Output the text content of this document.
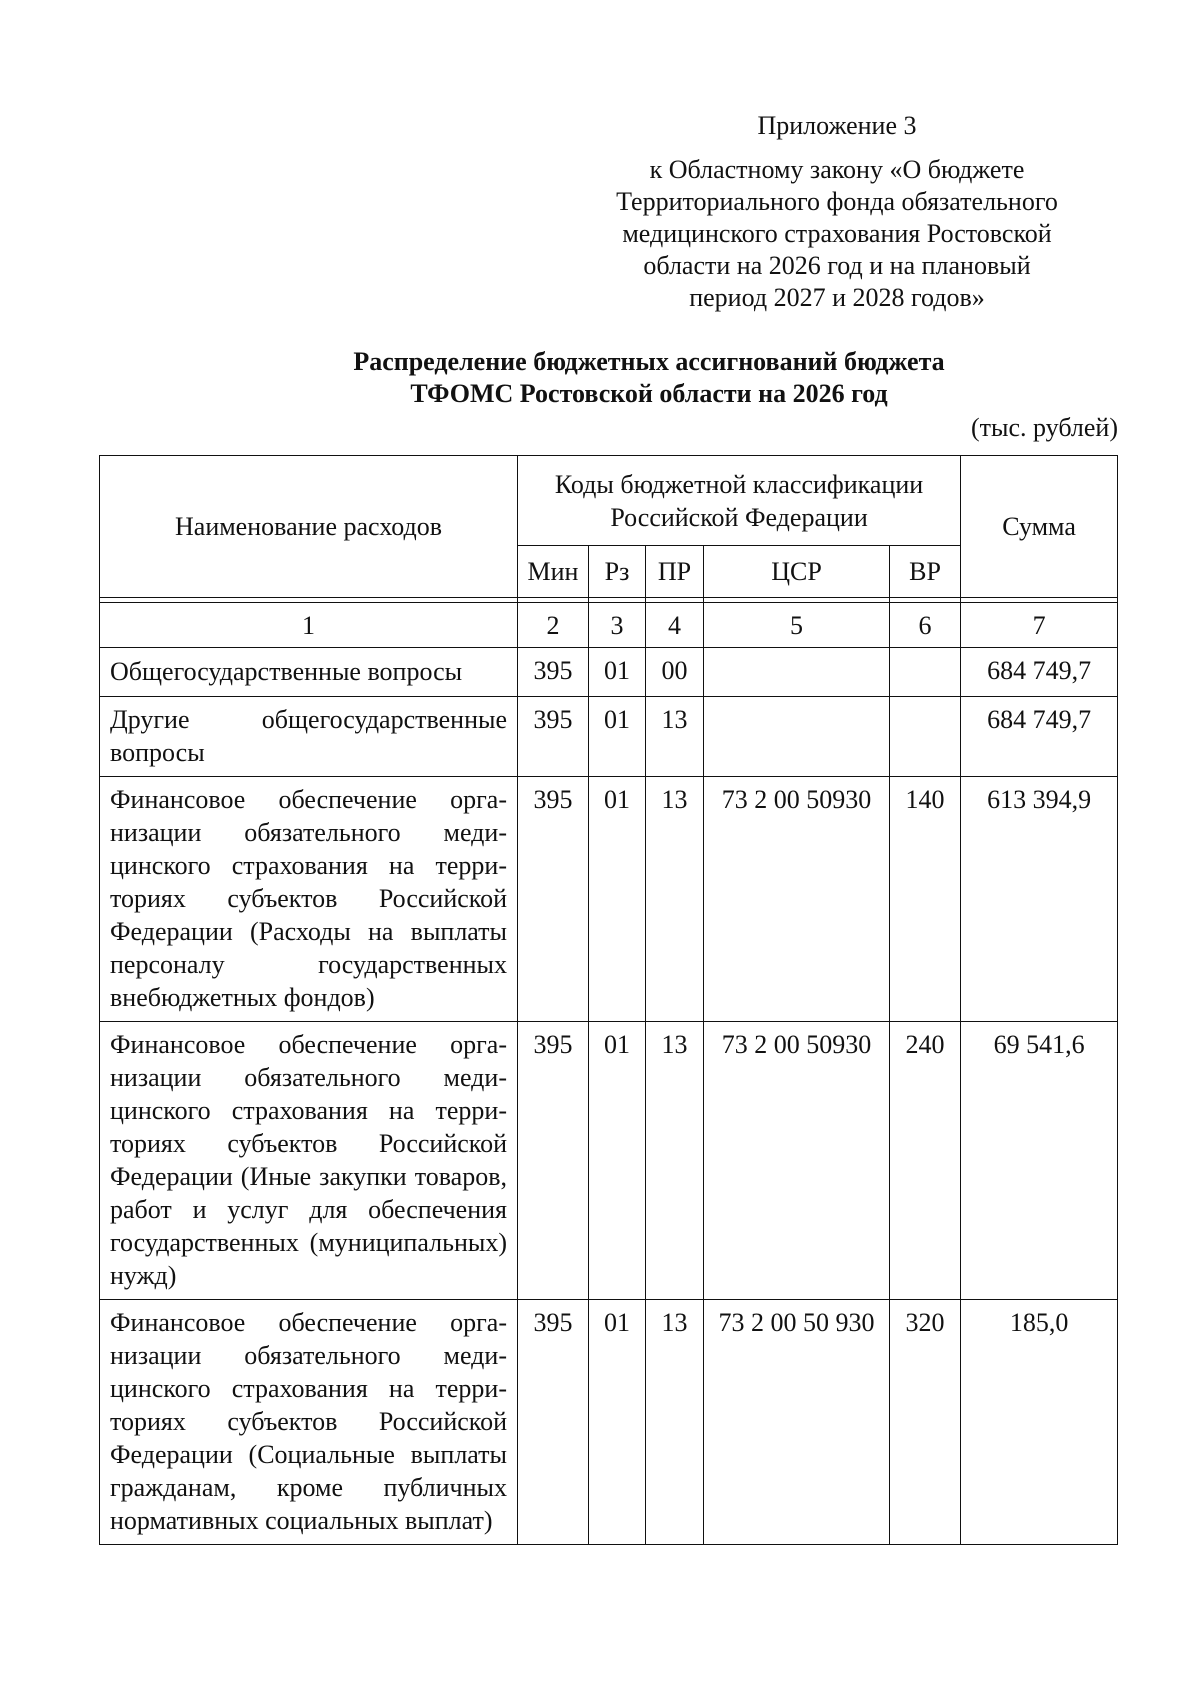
Приложение 3
к Областному закону «О бюджете
Территориального фонда обязательного
медицинского страхования Ростовской
области на 2026 год и на плановый
период 2027 и 2028 годов»
Распределение бюджетных ассигнований бюджета
ТФОМС Ростовской области на 2026 год
(тыс. рублей)
Наименование расходов	Коды бюджетной классификации Российской Федерации					Сумма
	Мин	Рз	ПР	ЦСР	ВР	

1	2	3	4	5	6	7
Общегосударственные вопросы	395	01	00			684 749,7
Другие общегосударственные вопросы	395	01	13			684 749,7
Финансовое обеспечение организации обязательного медицинского страхования на территориях субъектов Российской Федерации (Расходы на выплаты персоналу государственных внебюджетных фондов)	395	01	13	73 2 00 50930	140	613 394,9
Финансовое обеспечение организации обязательного медицинского страхования на территориях субъектов Российской Федерации (Иные закупки товаров, работ и услуг для обеспечения государственных (муниципальных) нужд)	395	01	13	73 2 00 50930	240	69 541,6
Финансовое обеспечение организации обязательного медицинского страхования на территориях субъектов Российской Федерации (Социальные выплаты гражданам, кроме публичных нормативных социальных выплат)	395	01	13	73 2 00 50 930	320	185,0
